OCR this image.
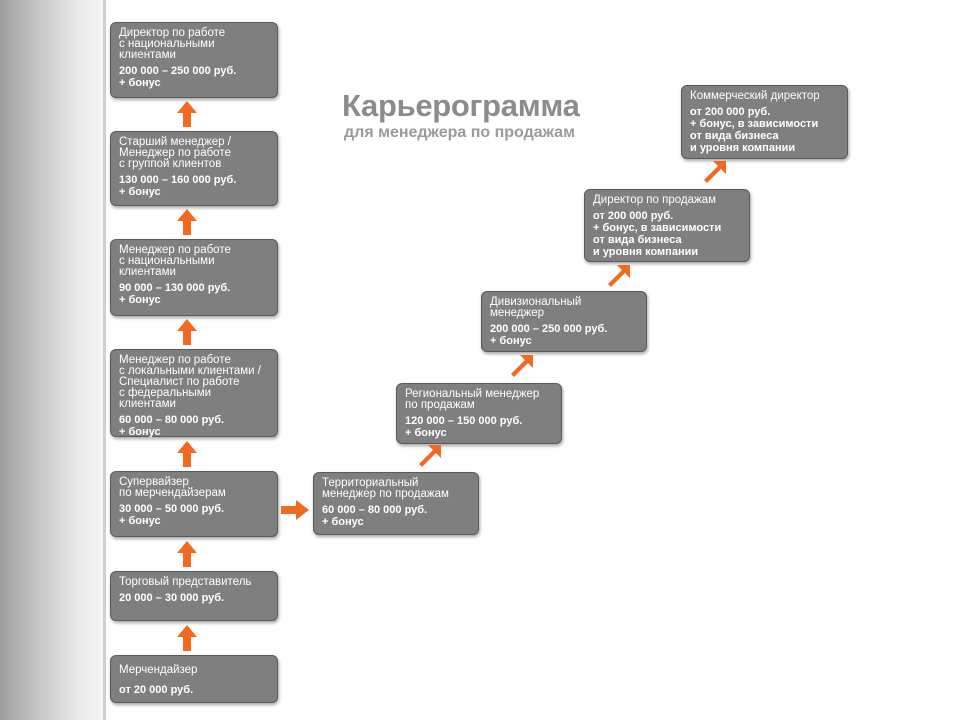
Карьерограмма
для менеджера по продажам
Директор по работе
с национальными
клиентами
200 000 – 250 000 руб.
+ бонус
Старший менеджер /
Менеджер по работе
с группой клиентов
130 000 – 160 000 руб.
+ бонус
Менеджер по работе
с национальными
клиентами
90 000 – 130 000 руб.
+ бонус
Менеджер по работе
с локальными клиентами /
Специалист по работе
с федеральными
клиентами
60 000 – 80 000 руб.
+ бонус
Супервайзер
по мерчендайзерам
30 000 – 50 000 руб.
+ бонус
Торговый представитель
20 000 – 30 000 руб.
Мерчендайзер
от 20 000 руб.
Территориальный
менеджер по продажам
60 000 – 80 000 руб.
+ бонус
Региональный менеджер
по продажам
120 000 – 150 000 руб.
+ бонус
Дивизиональный
менеджер
200 000 – 250 000 руб.
+ бонус
Директор по продажам
от 200 000 руб.
+ бонус, в зависимости
от вида бизнеса
и уровня компании
Коммерческий директор
от 200 000 руб.
+ бонус, в зависимости
от вида бизнеса
и уровня компании
